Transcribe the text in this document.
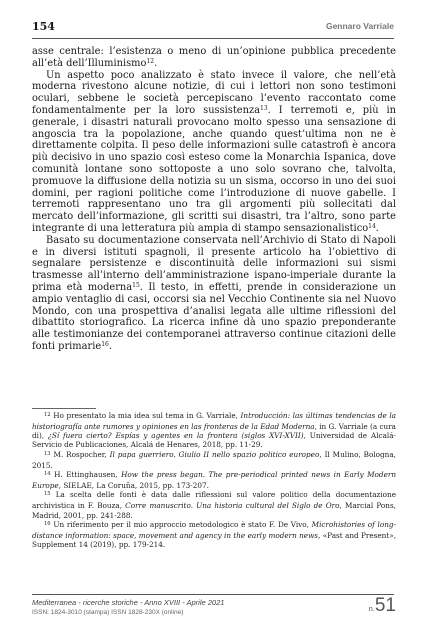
154	Gennaro Varriale

asse centrale: l’esistenza o meno di un’opinione pubblica precedente all’età dell’Illuminismo$^{12}$.

Un aspetto poco analizzato è stato invece il valore, che nell’età moderna rivestono alcune notizie, di cui i lettori non sono testimoni oculari, sebbene le società percepiscano l’evento raccontato come fondamentalmente per la loro sussistenza$^{13}$. I terremoti e, più in generale, i disastri naturali provocano molto spesso una sensazione di angoscia tra la popolazione, anche quando quest’ultima non ne è direttamente colpita. Il peso delle informazioni sulle catastrofi è ancora più decisivo in uno spazio così esteso come la Monarchia Ispanica, dove comunità lontane sono sottoposte a uno solo sovrano che, talvolta, promuove la diffusione della notizia su un sisma, occorso in uno dei suoi domini, per ragioni politiche come l’introduzione di nuove gabelle. I terremoti rappresentano uno tra gli argomenti più sollecitati dal mercato dell’informazione, gli scritti sui disastri, tra l’altro, sono parte integrante di una letteratura più ampia di stampo sensazionalistico$^{14}$.

Basato su documentazione conservata nell’Archivio di Stato di Napoli e in diversi istituti spagnoli, il presente articolo ha l’obiettivo di segnalare persistenze e discontinuità delle informazioni sui sismi trasmesse all’interno dell’amministrazione ispano-imperiale durante la prima età moderna$^{15}$. Il testo, in effetti, prende in considerazione un ampio ventaglio di casi, occorsi sia nel Vecchio Continente sia nel Nuovo Mondo, con una prospettiva d’analisi legata alle ultime riflessioni del dibattito storiografico. La ricerca infine dà uno spazio preponderante alle testimonianze dei contemporanei attraverso continue citazioni delle fonti primarie$^{16}$.

$^{12}$ Ho presentato la mia idea sul tema in G. Varriale, Introducción: las últimas tendencias de la historiografía ante rumores y opiniones en las fronteras de la Edad Moderna, in G. Varriale (a cura di), ¿Sí fuera cierto? Espías y agentes en la frontera (siglos XVI-XVII), Universidad de Alcalá-Servicio de Publicaciones, Alcalá de Henares, 2018, pp. 11-29.

$^{13}$ M. Rospocher, Il papa guerriero. Giulio II nello spazio politico europeo, Il Mulino, Bologna, 2015.

$^{14}$ H. Ettinghausen, How the press began. The pre-periodical printed news in Early Modern Europe, SIELAE, La Coruña, 2015, pp. 173-207.

$^{15}$ La scelta delle fonti è data dalle riflessioni sul valore politico della documentazione archivistica in F. Bouza, Corre manuscrito. Una historia cultural del Siglo de Oro, Marcial Pons, Madrid, 2001, pp. 241-288.

$^{16}$ Un riferimento per il mio approccio metodologico è stato F. De Vivo, Microhistories of long-distance information: space, movement and agency in the early modern news, «Past and Present», Supplement 14 (2019), pp. 179-214.

Mediterranea - ricerche storiche - Anno XVIII - Aprile 2021
ISSN: 1824-3010 (stampa) ISSN 1828-230X (online)	n.51
